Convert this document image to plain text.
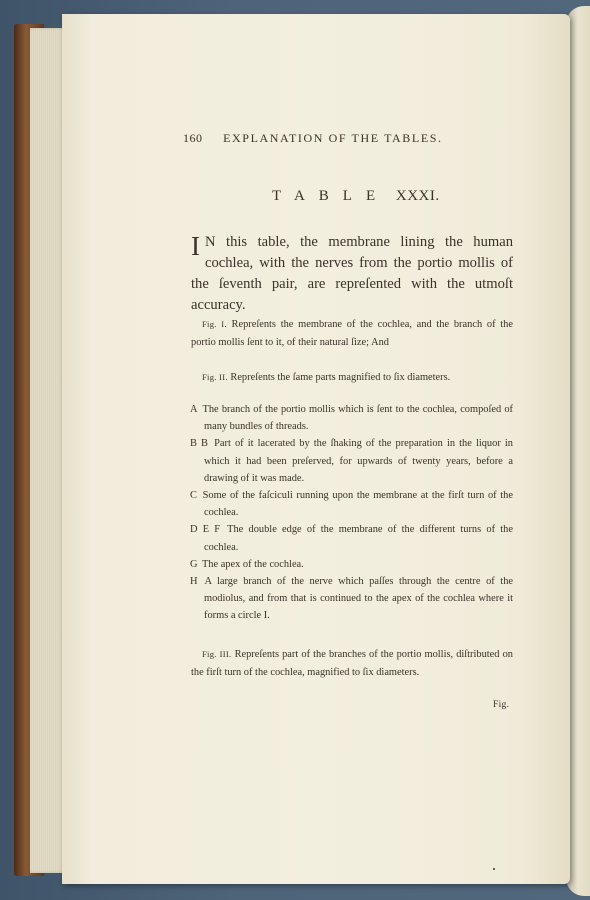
160 EXPLANATION OF THE TABLES.
TABLE XXXI.
I N this table, the membrane lining the human cochlea, with the nerves from the portio mollis of the ſeventh pair, are repreſented with the utmoſt accuracy.
Fig. I. Repreſents the membrane of the cochlea, and the branch of the portio mollis ſent to it, of their natural ſize; And
Fig. II. Repreſents the ſame parts magnified to ſix diameters.
A The branch of the portio mollis which is ſent to the cochlea, compoſed of many bundles of threads.
B B Part of it lacerated by the ſhaking of the preparation in the liquor in which it had been preſerved, for upwards of twenty years, before a drawing of it was made.
C Some of the faſciculi running upon the membrane at the firſt turn of the cochlea.
D E F The double edge of the membrane of the different turns of the cochlea.
G The apex of the cochlea.
H A large branch of the nerve which paſſes through the centre of the modiolus, and from that is continued to the apex of the cochlea where it forms a circle I.
Fig. III. Repreſents part of the branches of the portio mollis, diſtributed on the firſt turn of the cochlea, magnified to ſix diameters.
Fig.
